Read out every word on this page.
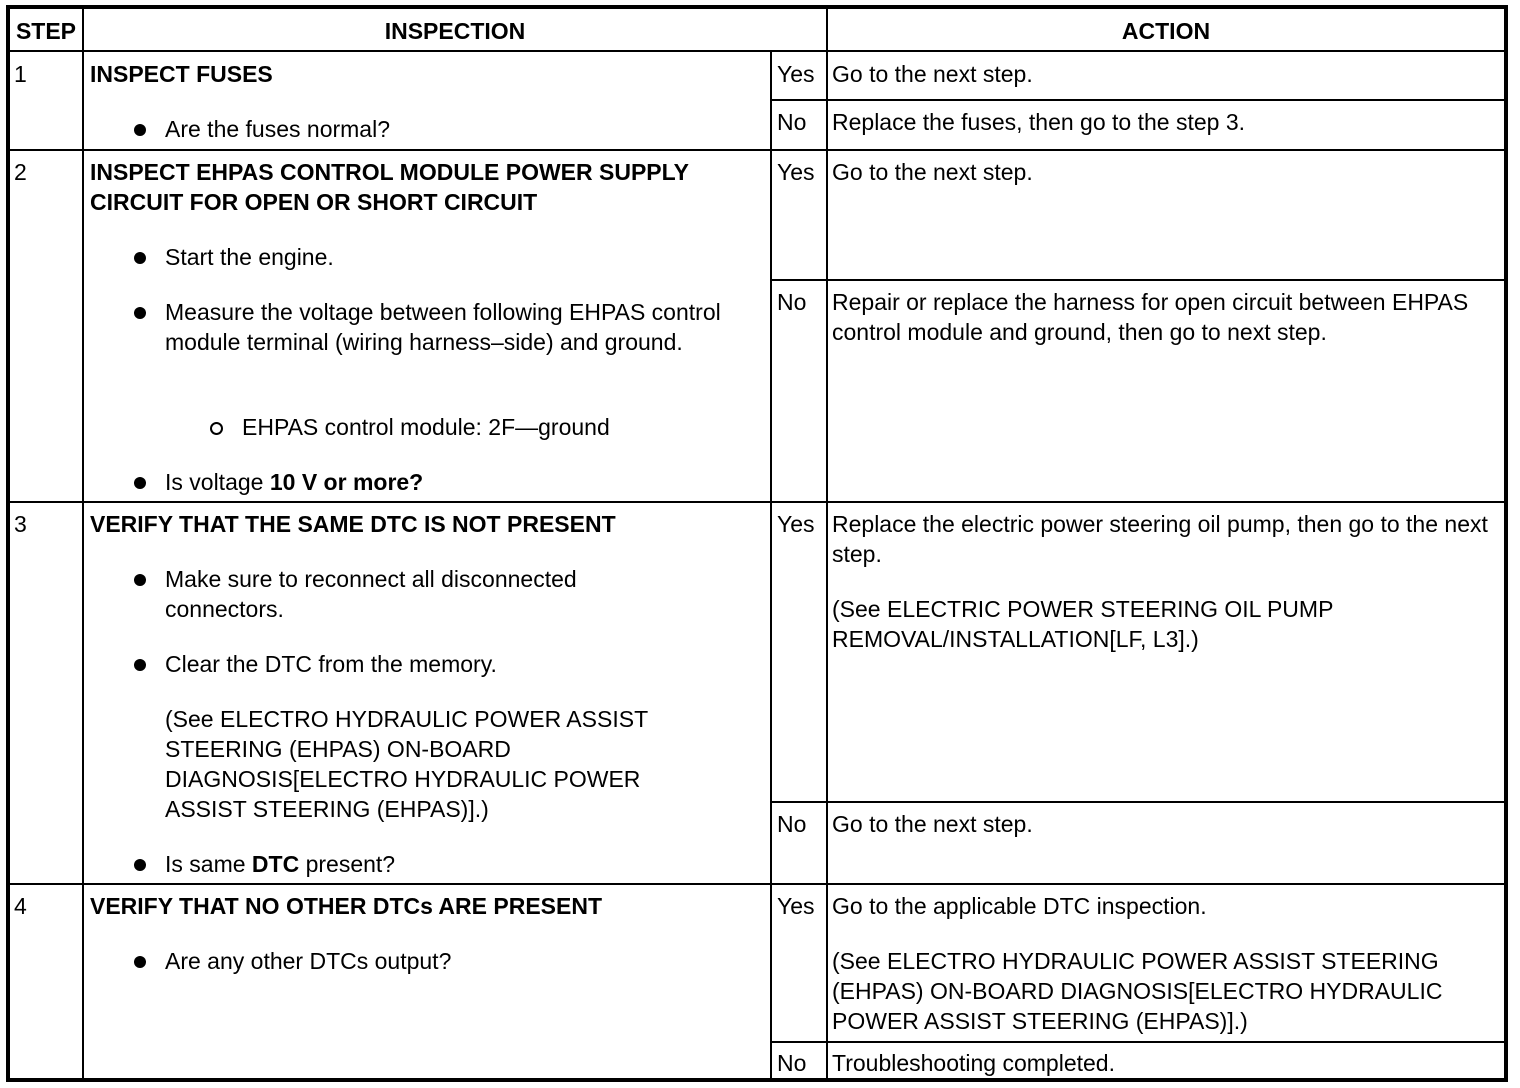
STEP	INSPECTION	ACTION
1	INSPECT FUSES
Are the fuses normal?
Yes Go to the next step.
No Replace the fuses, then go to the step 3.
2	INSPECT EHPAS CONTROL MODULE POWER SUPPLY CIRCUIT FOR OPEN OR SHORT CIRCUIT
Start the engine.
Measure the voltage between following EHPAS control module terminal (wiring harness–side) and ground.
EHPAS control module: 2F—ground
Is voltage 10 V or more?
Yes Go to the next step.
No Repair or replace the harness for open circuit between EHPAS control module and ground, then go to next step.
3	VERIFY THAT THE SAME DTC IS NOT PRESENT
Make sure to reconnect all disconnected connectors.
Clear the DTC from the memory.
(See ELECTRO HYDRAULIC POWER ASSIST STEERING (EHPAS) ON-BOARD DIAGNOSIS[ELECTRO HYDRAULIC POWER ASSIST STEERING (EHPAS)].)
Is same DTC present?
Yes Replace the electric power steering oil pump, then go to the next step.
(See ELECTRIC POWER STEERING OIL PUMP REMOVAL/INSTALLATION[LF, L3].)
No Go to the next step.
4	VERIFY THAT NO OTHER DTCs ARE PRESENT
Are any other DTCs output?
Yes Go to the applicable DTC inspection.
(See ELECTRO HYDRAULIC POWER ASSIST STEERING (EHPAS) ON-BOARD DIAGNOSIS[ELECTRO HYDRAULIC POWER ASSIST STEERING (EHPAS)].)
No Troubleshooting completed.
